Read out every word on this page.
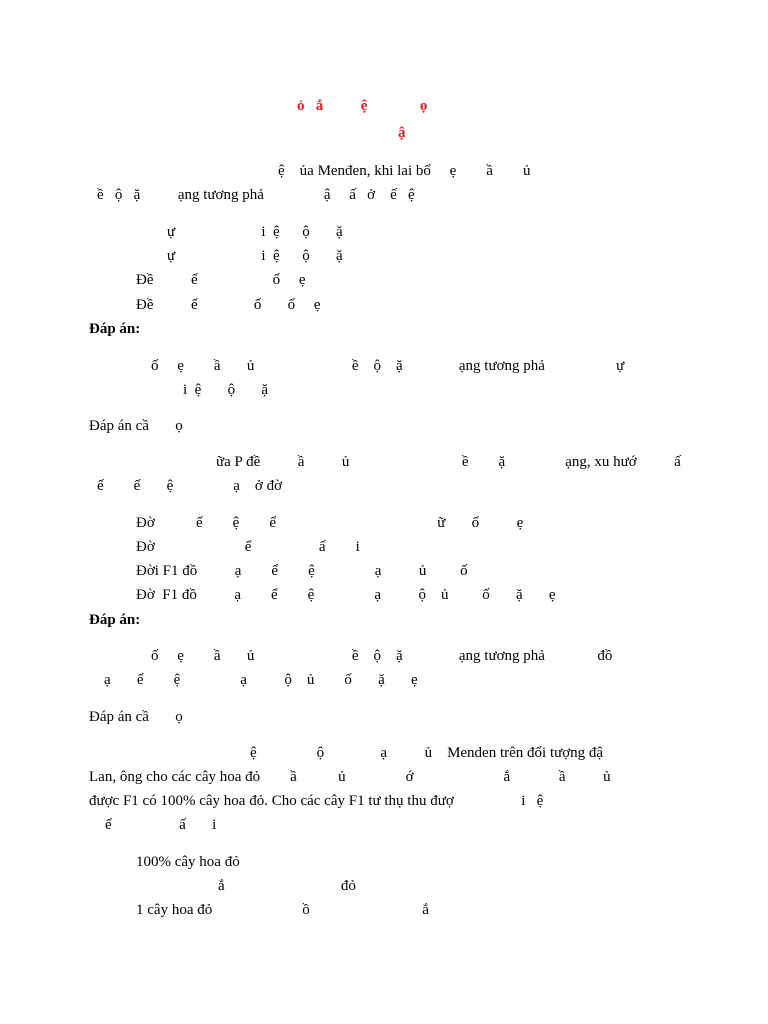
ỏ   ắ          ệ              ọ
ậ
ệ    ủa Menđen, khi lai bố     ẹ        ầ        ủ
ề   ộ   ặ          ạng tương phả                ậ     ấ   ở    ế   ệ
ự                       i  ệ      ộ       ặ
ự                       i  ệ      ộ       ặ
Đề          ể                    ố     ẹ
Đề          ể               ố       ố     ẹ
Đáp án:
ố     ẹ        ầ       ủ                          ề    ộ    ặ               ạng tương phả                   ự
i  ệ       ộ       ặ
Đáp án cầ       ọ
ữa P đề          ầ          ủ                              ề        ặ                ạng, xu hướ          ấ
ế        ế       ệ                ạ    ở đờ
Đờ           ể        ệ        ể                                           ữ       ố          ẹ
Đờ                        ể                  ấ        i
Đời F1 đồ          ạ        ể        ệ                ạ          ủ         ố
Đờ  F1 đồ          ạ        ể        ệ                ạ          ộ    ủ         ố       ặ       ẹ
Đáp án:
ố     ẹ        ầ       ủ                          ề    ộ    ặ               ạng tương phả              đồ
ạ       ể        ệ                ạ          ộ    ủ        ố       ặ       ẹ
Đáp án cầ       ọ
ệ                ộ               ạ          ủ    Menden trên đối tượng đậ
Lan, ông cho các cây hoa đỏ        ầ           ủ                ớ                        ắ             ầ          ủ
được F1 có 100% cây hoa đỏ. Cho các cây F1 tư thụ thu đượ                  i   ệ
ể                  ấ       i
100% cây hoa đỏ
ắ                               đỏ
1 cây hoa đỏ                        ồ                              ắ
